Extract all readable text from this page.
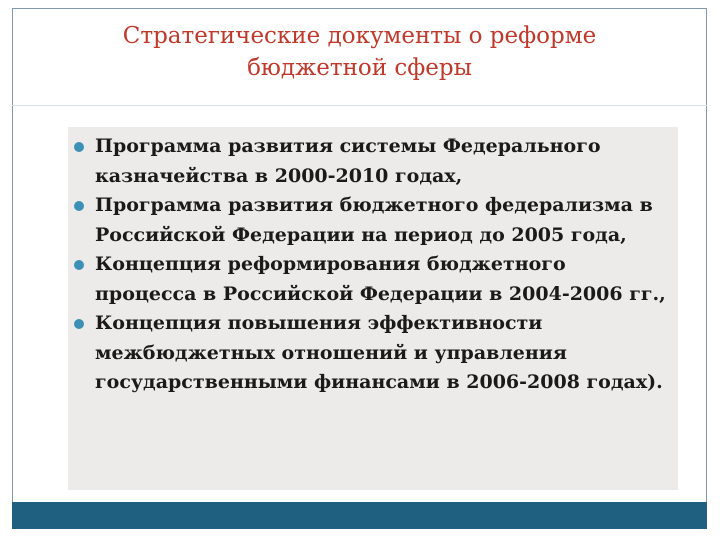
Стратегические документы о реформе
бюджетной сферы
Программа развития системы Федерального казначейства в 2000-2010 годах,
Программа развития бюджетного федерализма в Российской Федерации на период до 2005 года,
Концепция реформирования бюджетного процесса в Российской Федерации в 2004-2006 гг.,
Концепция повышения эффективности межбюджетных отношений и управления государственными финансами в 2006-2008 годах).
